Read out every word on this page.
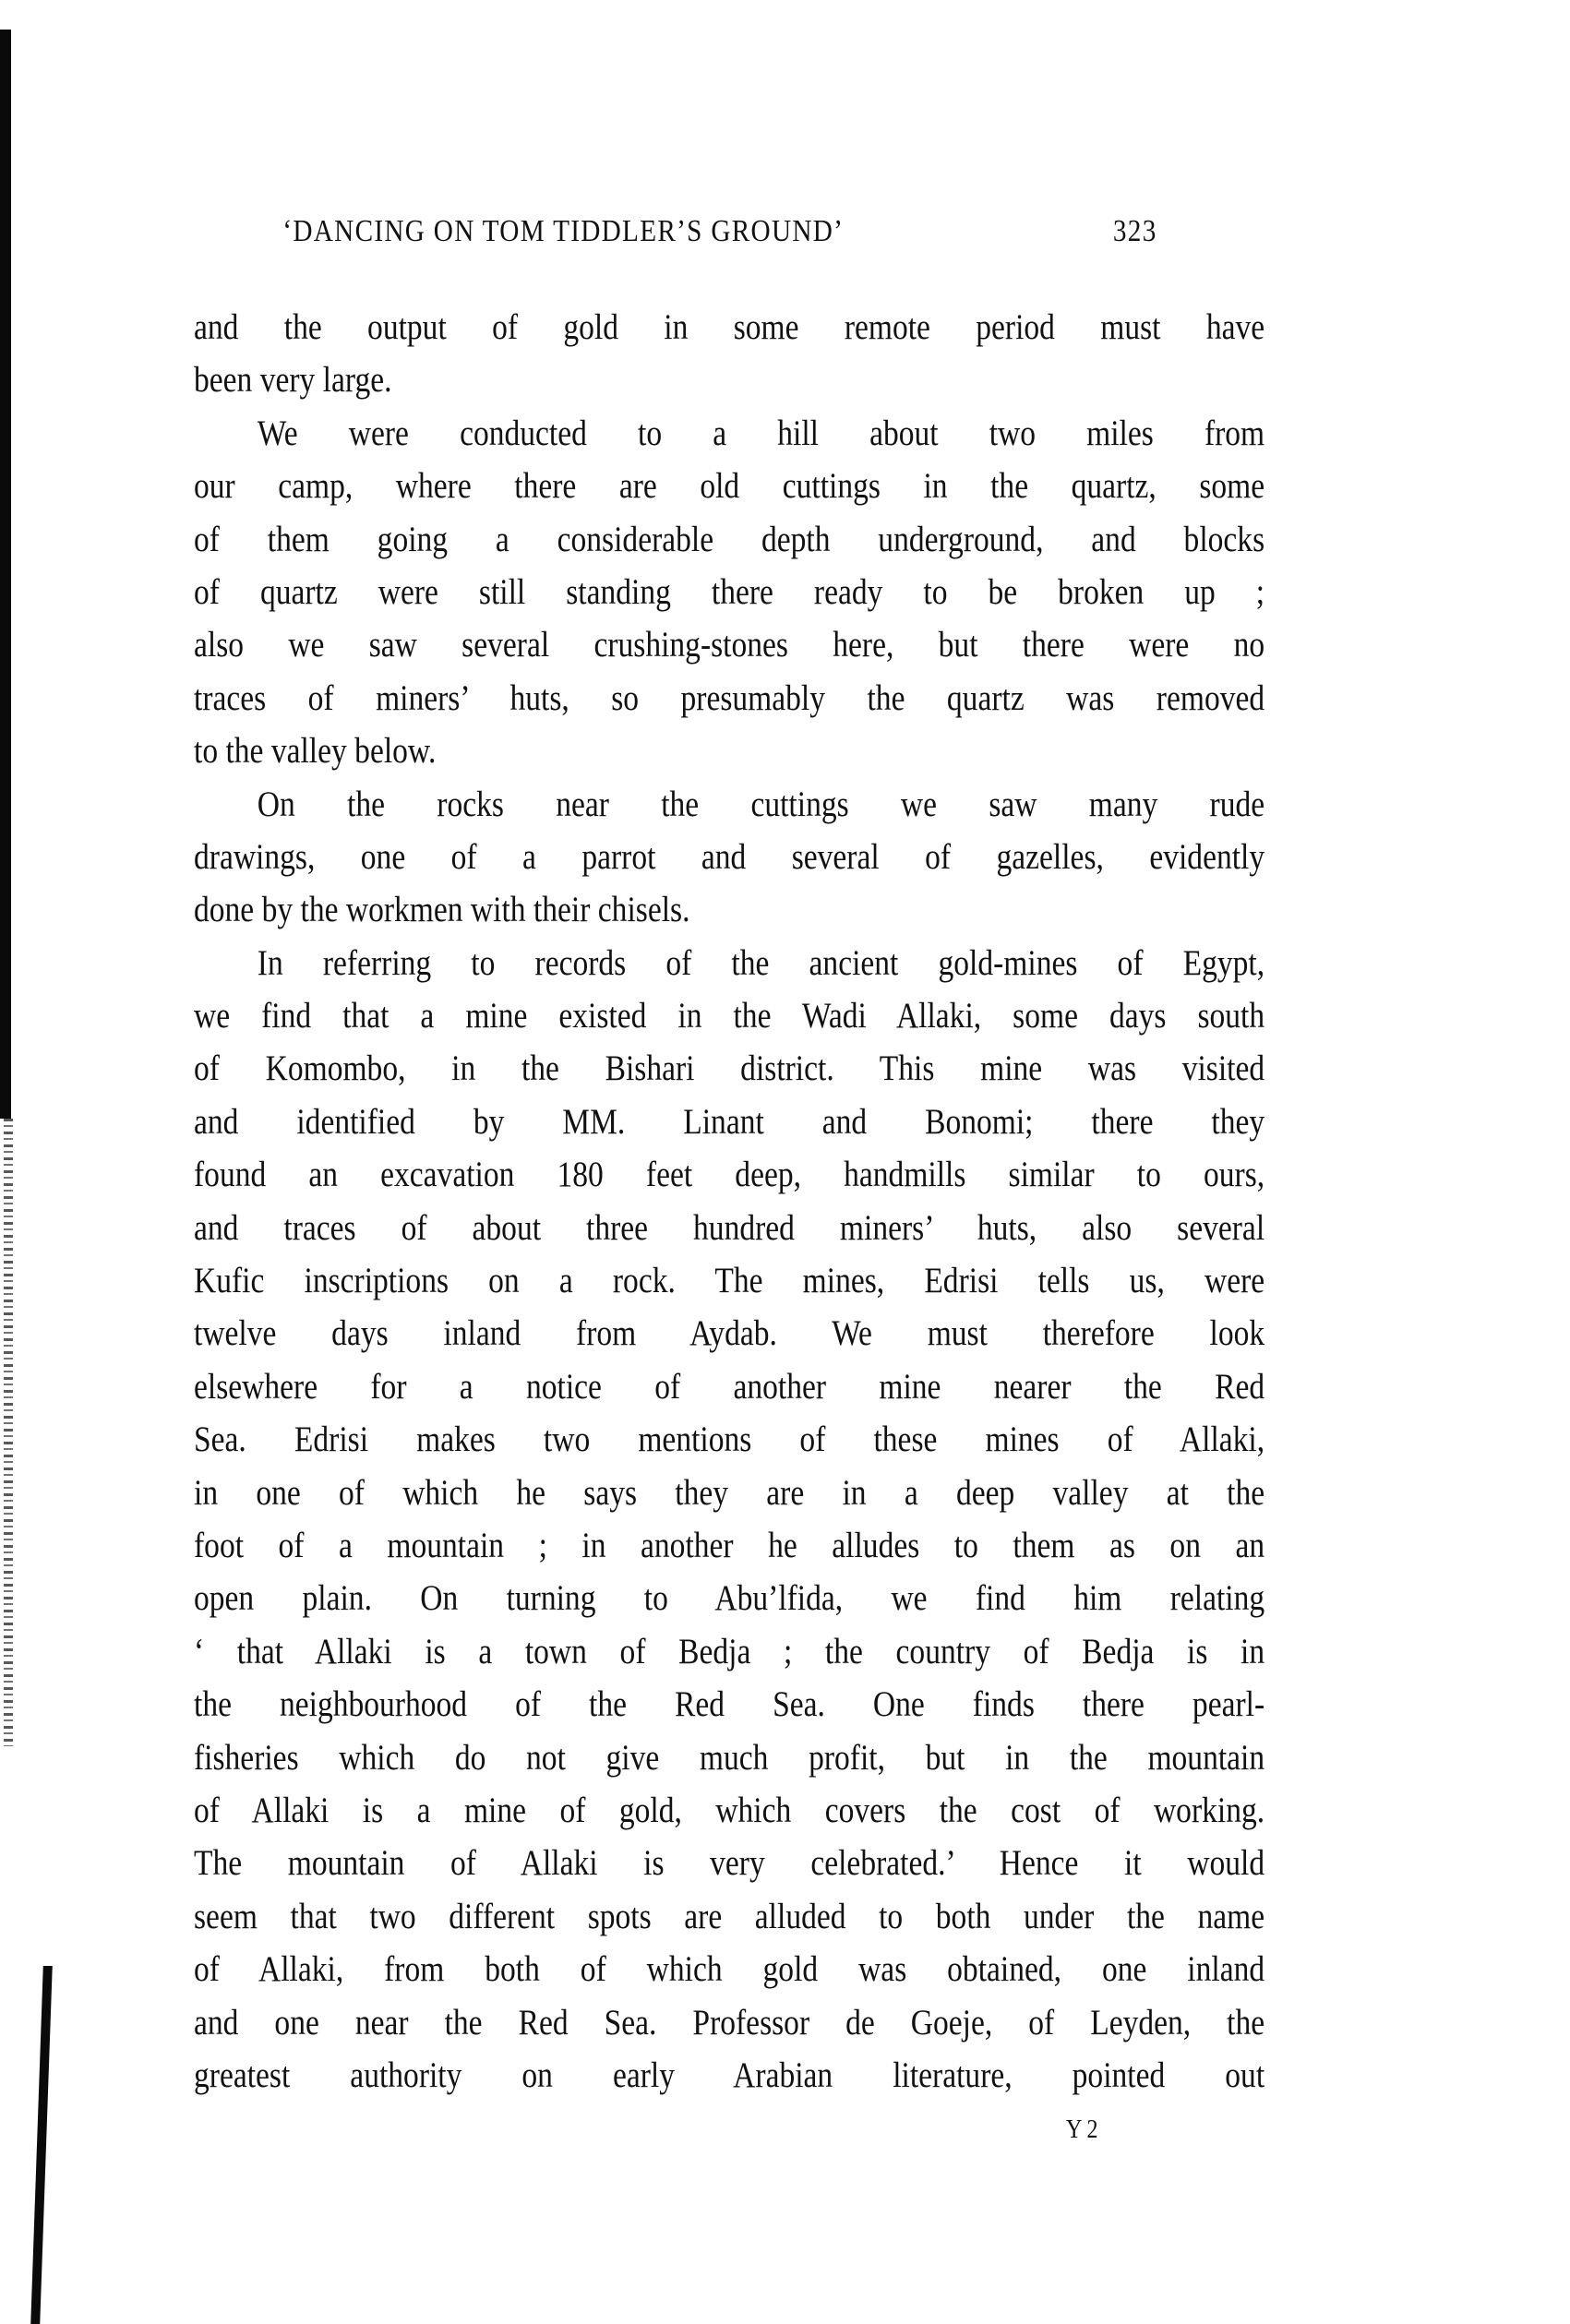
‘DANCING ON TOM TIDDLER’S GROUND’	323
and the output of gold in some remote period must have
been very large.
We were conducted to a hill about two miles from
our camp, where there are old cuttings in the quartz, some
of them going a considerable depth underground, and blocks
of quartz were still standing there ready to be broken up ;
also we saw several crushing-stones here, but there were no
traces of miners’ huts, so presumably the quartz was removed
to the valley below.
On the rocks near the cuttings we saw many rude
drawings, one of a parrot and several of gazelles, evidently
done by the workmen with their chisels.
In referring to records of the ancient gold-mines of Egypt,
we find that a mine existed in the Wadi Allaki, some days south
of Komombo, in the Bishari district. This mine was visited
and identified by MM. Linant and Bonomi; there they
found an excavation 180 feet deep, handmills similar to ours,
and traces of about three hundred miners’ huts, also several
Kufic inscriptions on a rock. The mines, Edrisi tells us, were
twelve days inland from Aydab. We must therefore look
elsewhere for a notice of another mine nearer the Red
Sea. Edrisi makes two mentions of these mines of Allaki,
in one of which he says they are in a deep valley at the
foot of a mountain ; in another he alludes to them as on an
open plain. On turning to Abu’lfida, we find him relating
‘ that Allaki is a town of Bedja ; the country of Bedja is in
the neighbourhood of the Red Sea. One finds there pearl-
fisheries which do not give much profit, but in the mountain
of Allaki is a mine of gold, which covers the cost of working.
The mountain of Allaki is very celebrated.’ Hence it would
seem that two different spots are alluded to both under the name
of Allaki, from both of which gold was obtained, one inland
and one near the Red Sea. Professor de Goeje, of Leyden, the
greatest authority on early Arabian literature, pointed out
Y 2
